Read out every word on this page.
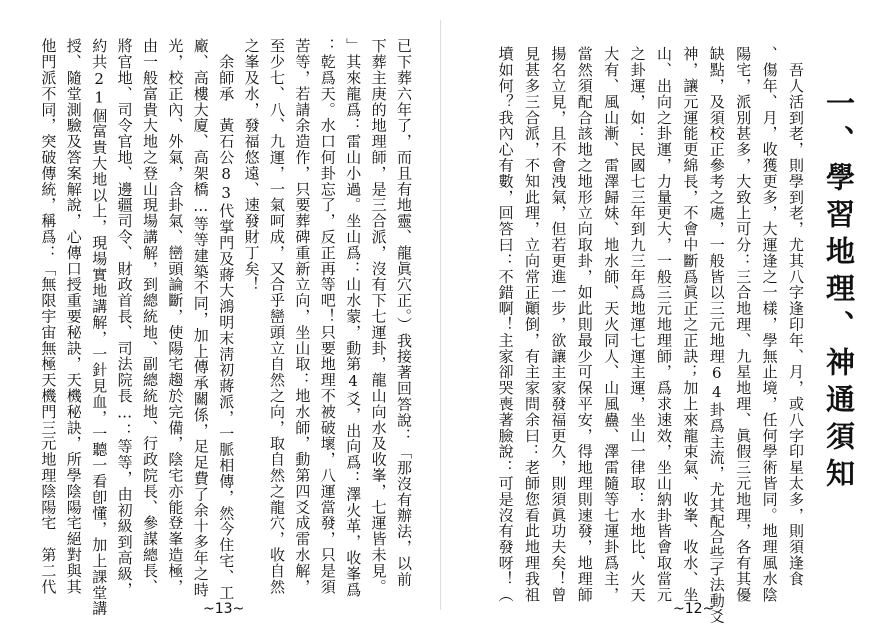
已下葬六年了，而且有地靈、龍眞穴正。）我接著回答說：「那沒有辦法，以前
下葬主庚的地理師，是三合派，沒有下七運卦，龍山向水及收峯，七運皆未見。
」其來龍爲：雷山小過。坐山爲：山水蒙，動第4爻，出向爲：澤火革，收峯爲
：乾爲天。水口何卦忘了，反正再等吧！只要地理不被破壞，八運當發，只是須
苦等，若請余造作，只要葬碑重新立向，坐山取：地水師，動第四爻成雷水解，
至少七、八、九運，一氣呵成，又合乎巒頭立自然之向，取自然之龍穴，收自然
之峯及水，發福悠遠、速發財丁矣！
　余師承　黃石公83代掌門及蔣大鴻明末淸初蔣派，一脈相傳，然今住宅、工
廠、高樓大廈、高架橋…等等建築不同，加上傳承關係，足足費了余十多年之時
光，校正內、外氣，含卦氣、巒頭論斷，使陽宅趨於完備，陰宅亦能登峯造極，
由一般富貴大地之登山現場講解，到總統地、副總統地、行政院長、參謀總長、
將官地、司令官地、邊疆司令、財政首長、司法院長…：等等，由初級到高級，
約共21個富貴大地以上，現場實地講解，一針見血，一聽一看卽懂，加上課堂講
授、隨堂測驗及答案解說，心傳口授重要秘訣，天機秘訣，所學陰陽宅絕對與其
他門派不同，突破傳統，稱爲：「無限宇宙無極天機門三元地理陰陽宅　第二代
~13~
一、學習地理、神通須知
　吾人活到老，則學到老，尤其八字逢印年、月，或八字印星太多，則須逢食
、傷年、月，收獲更多，大運逢之一樣，學無止境，任何學術皆同。地理風水陰
陽宅，派別甚多，大致上可分：三合地理、九星地理、眞假三元地理，各有其優
缺點，及須校正參考之處，一般皆以三元地理64卦爲主流，尤其配合些孑法動爻
神，讓元運能更綿長，不會中斷爲眞正之正訣；加上來龍束氣、收峯、收水、坐
山、出向之卦運，力量更大，一般三元地理師，爲求速效，坐山納卦皆會取當元
之卦運，如：民國七三年到九三年爲地運七運主運，坐山一律取：水地比、火天
大有、風山漸、雷澤歸妹、地水師、天火同人、山風蠱、澤雷隨等七運卦爲主，
當然須配合該地之地形立向取卦，如此則最少可保平安，得地理則速發，地理師
揚名立見，且不會洩氣，但若更進一步，欲讓主家發福更久，則須眞功夫矣！曾
見甚多三合派，不知此理，立向常正顚倒，有主家問余曰：老師您看此地理我祖
墳如何？我內心有數，回答曰：不錯啊！主家卻哭喪著臉說：可是沒有發呀！（
~12~
